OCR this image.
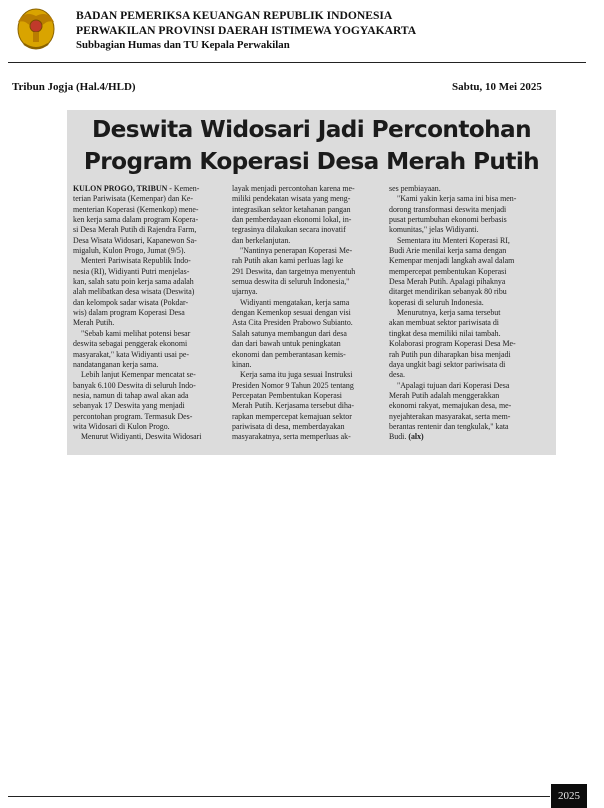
BADAN PEMERIKSA KEUANGAN REPUBLIK INDONESIA
PERWAKILAN PROVINSI DAERAH ISTIMEWA YOGYAKARTA
Subbagian Humas dan TU Kepala Perwakilan
Tribun Jogja (Hal.4/HLD)	Sabtu, 10 Mei 2025
Deswita Widosari Jadi Percontohan
Program Koperasi Desa Merah Putih

KULON PROGO, TRIBUN - Kemen-
terian Pariwisata (Kemenpar) dan Ke-
menterian Koperasi (Kemenkop) mene-
ken kerja sama dalam program Kopera-
si Desa Merah Putih di Rajendra Farm,
Desa Wisata Widosari, Kapanewon Sa-
migaluh, Kulon Progo, Jumat (9/5).

Menteri Pariwisata Republik Indo-
nesia (RI), Widiyanti Putri menjelas-
kan, salah satu poin kerja sama adalah
alah melibatkan desa wisata (Deswita)
dan kelompok sadar wisata (Pokdar-
wis) dalam program Koperasi Desa
Merah Putih.

"Sebab kami melihat potensi besar
deswita sebagai penggerak ekonomi
masyarakat," kata Widiyanti usai pe-
nandatanganan kerja sama.

Lebih lanjut Kemenpar mencatat se-
banyak 6.100 Deswita di seluruh Indo-
nesia, namun di tahap awal akan ada
sebanyak 17 Deswita yang menjadi
percontohan program. Termasuk Des-
wita Widosari di Kulon Progo.

Menurut Widiyanti, Deswita Widosari

layak menjadi percontohan karena me-
miliki pendekatan wisata yang meng-
integrasikan sektor ketahanan pangan
dan pemberdayaan ekonomi lokal, in-
tegrasinya dilakukan secara inovatif
dan berkelanjutan.

"Nantinya penerapan Koperasi Me-
rah Putih akan kami perluas lagi ke
291 Deswita, dan targetnya menyentuh
semua deswita di seluruh Indonesia,"
ujarnya.

Widiyanti mengatakan, kerja sama
dengan Kemenkop sesuai dengan visi
Asta Cita Presiden Prabowo Subianto.
Salah satunya membangun dari desa
dan dari bawah untuk peningkatan
ekonomi dan pemberantasan kemis-
kinan.

Kerja sama itu juga sesuai Instruksi
Presiden Nomor 9 Tahun 2025 tentang
Percepatan Pembentukan Koperasi
Merah Putih. Kerjasama tersebut diha-
rapkan mempercepat kemajuan sektor
pariwisata di desa, memberdayakan
masyarakatnya, serta memperluas ak-

ses pembiayaan.

"Kami yakin kerja sama ini bisa men-
dorong transformasi deswita menjadi
pusat pertumbuhan ekonomi berbasis
komunitas," jelas Widiyanti.

Sementara itu Menteri Koperasi RI,
Budi Arie menilai kerja sama dengan
Kemenpar menjadi langkah awal dalam
mempercepat pembentukan Koperasi
Desa Merah Putih. Apalagi pihaknya
ditarget mendirikan sebanyak 80 ribu
koperasi di seluruh Indonesia.

Menurutnya, kerja sama tersebut
akan membuat sektor pariwisata di
tingkat desa memiliki nilai tambah.
Kolaborasi program Koperasi Desa Me-
rah Putih pun diharapkan bisa menjadi
daya ungkit bagi sektor pariwisata di
desa.

"Apalagi tujuan dari Koperasi Desa
Merah Putih adalah menggerakkan
ekonomi rakyat, memajukan desa, me-
nyejahterakan masyarakat, serta mem-
berantas rentenir dan tengkulak," kata
Budi. (alx)

2025
